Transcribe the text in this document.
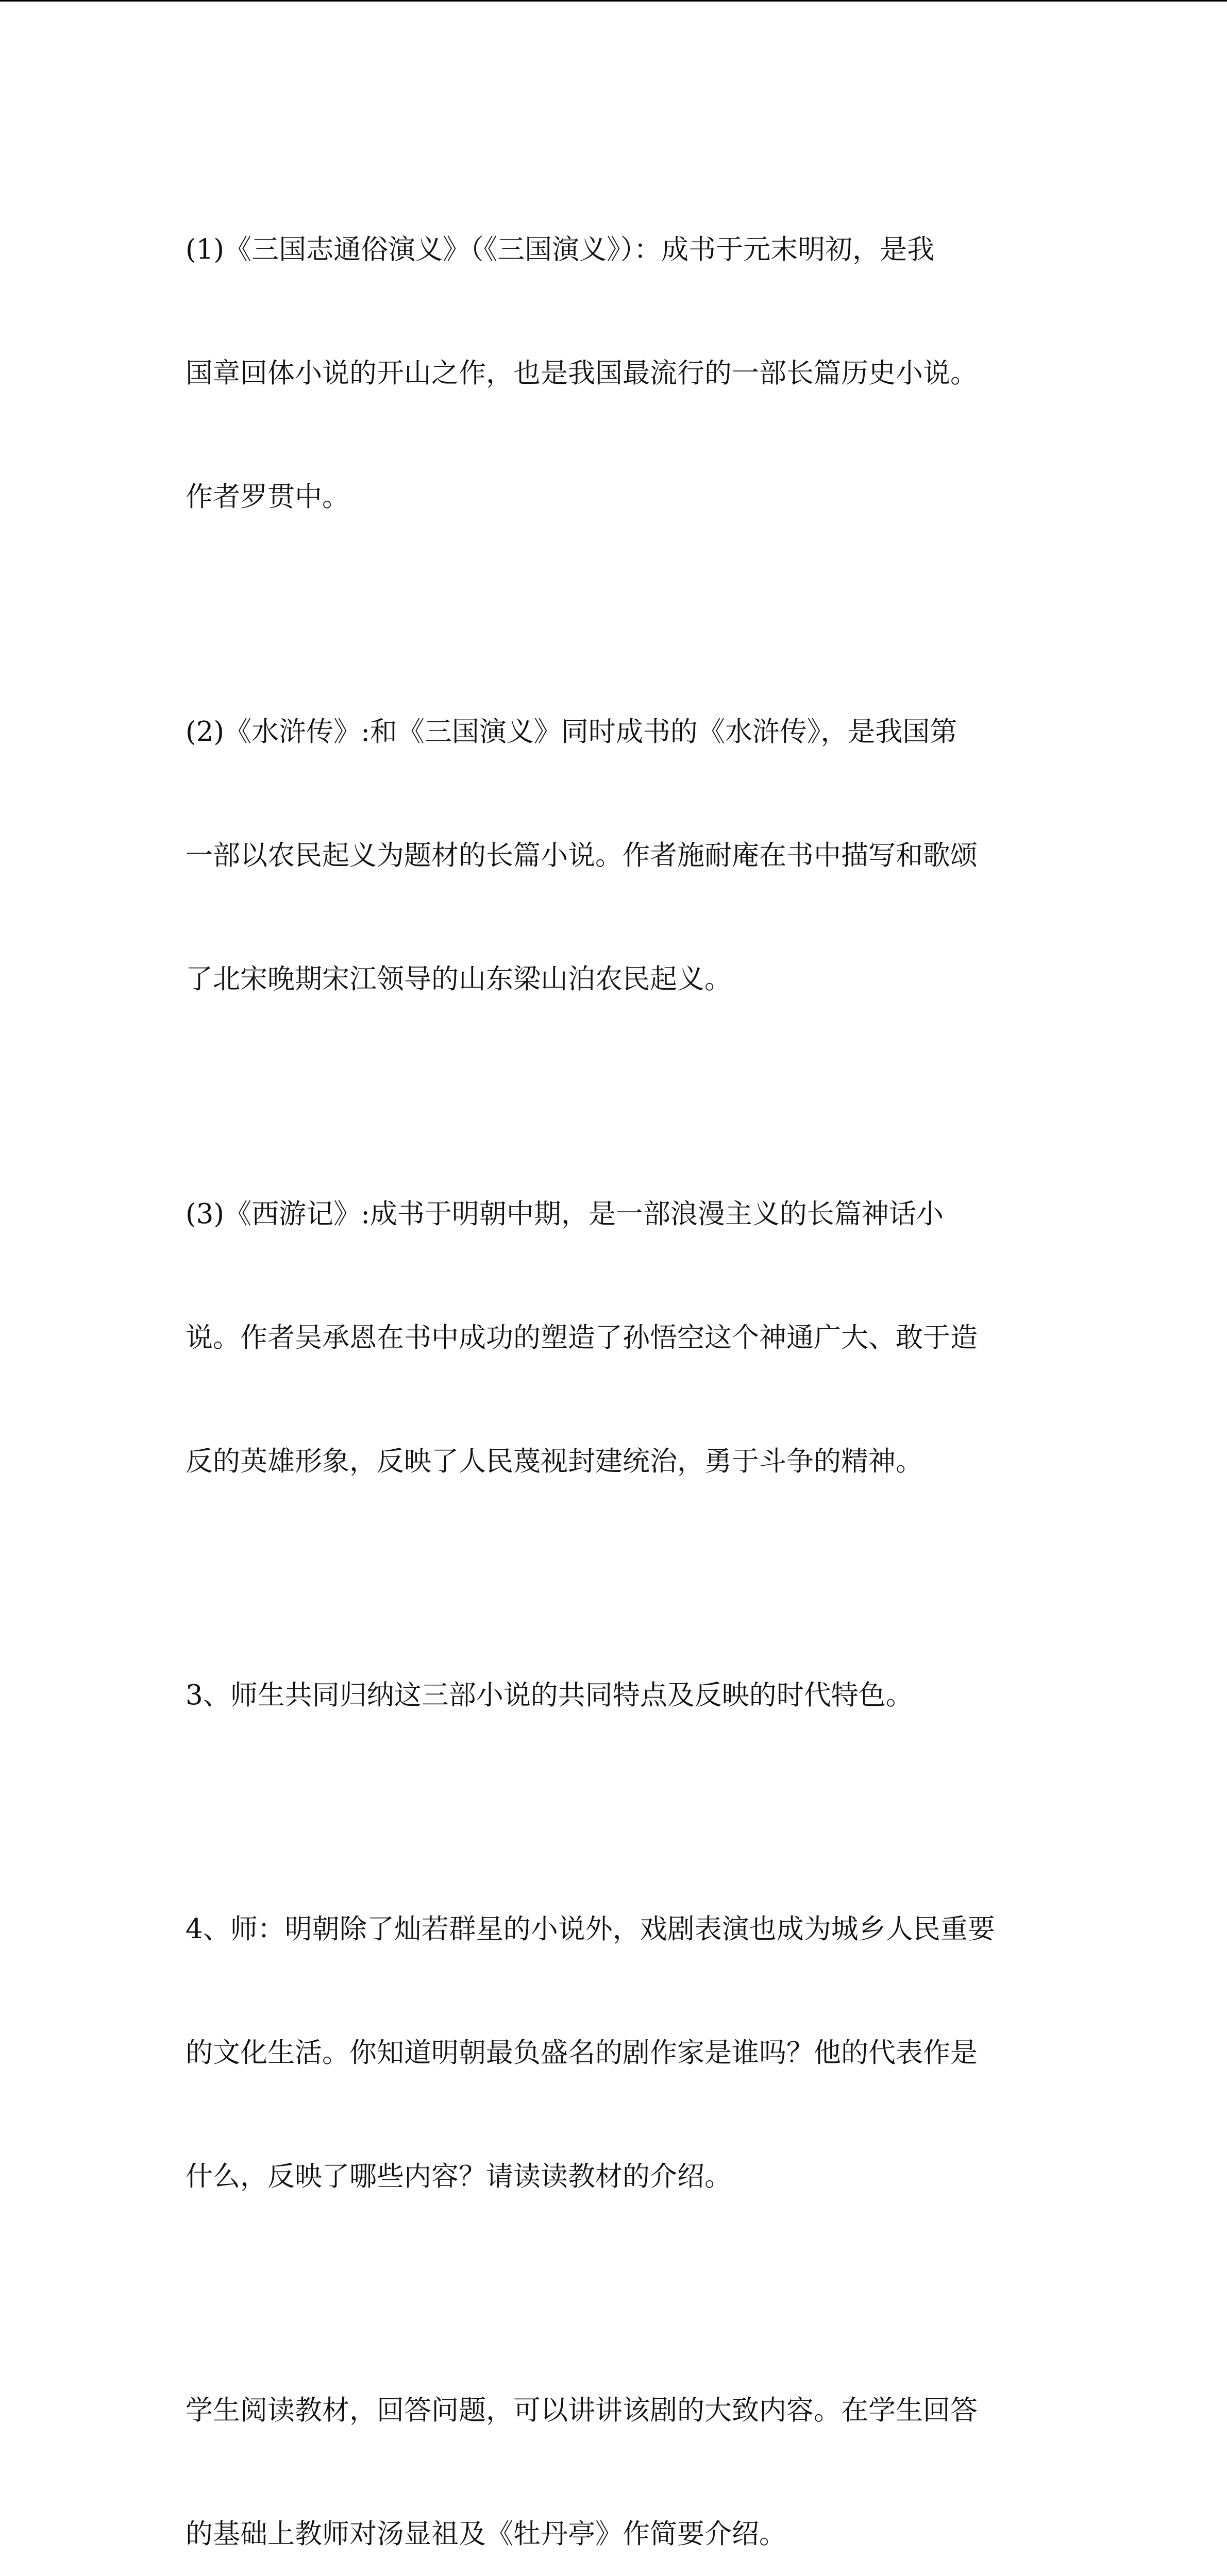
(1)《三国志通俗演义》（《三国演义》）：成书于元末明初，是我

国章回体小说的开山之作，也是我国最流行的一部长篇历史小说。

作者罗贯中。

(2)《水浒传》:和《三国演义》同时成书的《水浒传》，是我国第

一部以农民起义为题材的长篇小说。作者施耐庵在书中描写和歌颂

了北宋晚期宋江领导的山东梁山泊农民起义。

(3)《西游记》:成书于明朝中期，是一部浪漫主义的长篇神话小

说。作者吴承恩在书中成功的塑造了孙悟空这个神通广大、敢于造

反的英雄形象，反映了人民蔑视封建统治，勇于斗争的精神。

3、师生共同归纳这三部小说的共同特点及反映的时代特色。

4、师：明朝除了灿若群星的小说外，戏剧表演也成为城乡人民重要

的文化生活。你知道明朝最负盛名的剧作家是谁吗？他的代表作是

什么，反映了哪些内容？请读读教材的介绍。

学生阅读教材，回答问题，可以讲讲该剧的大致内容。在学生回答

的基础上教师对汤显祖及《牡丹亭》作简要介绍。
